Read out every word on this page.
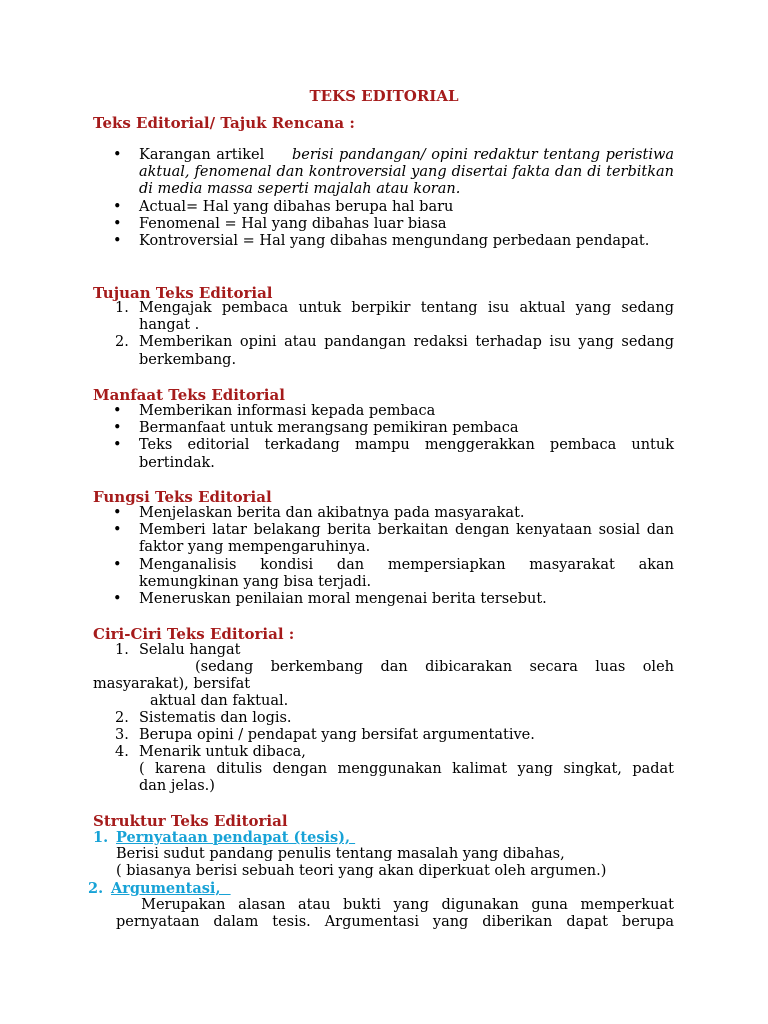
TEKS EDITORIAL
Teks Editorial/ Tajuk Rencana :
• Karangan artikel berisi pandangan/ opini redaktur tentang peristiwa aktual, fenomenal dan kontroversial yang disertai fakta dan di terbitkan di media massa seperti majalah atau koran.
• Actual= Hal yang dibahas berupa hal baru
• Fenomenal = Hal yang dibahas luar biasa
• Kontroversial = Hal yang dibahas mengundang perbedaan pendapat.
Tujuan Teks Editorial
1. Mengajak pembaca untuk berpikir tentang isu aktual yang sedang hangat .
2. Memberikan opini atau pandangan redaksi terhadap isu yang sedang berkembang.
Manfaat Teks Editorial
• Memberikan informasi kepada pembaca
• Bermanfaat untuk merangsang pemikiran pembaca
• Teks editorial terkadang mampu menggerakkan pembaca untuk bertindak.
Fungsi Teks Editorial
• Menjelaskan berita dan akibatnya pada masyarakat.
• Memberi latar belakang berita berkaitan dengan kenyataan sosial dan faktor yang mempengaruhinya.
• Menganalisis kondisi dan mempersiapkan masyarakat akan kemungkinan yang bisa terjadi.
• Meneruskan penilaian moral mengenai berita tersebut.
Ciri-Ciri Teks Editorial :
1. Selalu hangat
(sedang berkembang dan dibicarakan secara luas oleh
masyarakat), bersifat
aktual dan faktual.
2. Sistematis dan logis.
3. Berupa opini / pendapat yang bersifat argumentative.
4. Menarik untuk dibaca,
( karena ditulis dengan menggunakan kalimat yang singkat, padat
dan jelas.)
Struktur Teks Editorial
1. Pernyataan pendapat (tesis),
Berisi sudut pandang penulis tentang masalah yang dibahas,
( biasanya berisi sebuah teori yang akan diperkuat oleh argumen.)
2. Argumentasi,
Merupakan alasan atau bukti yang digunakan guna memperkuat
pernyataan dalam tesis. Argumentasi yang diberikan dapat berupa
